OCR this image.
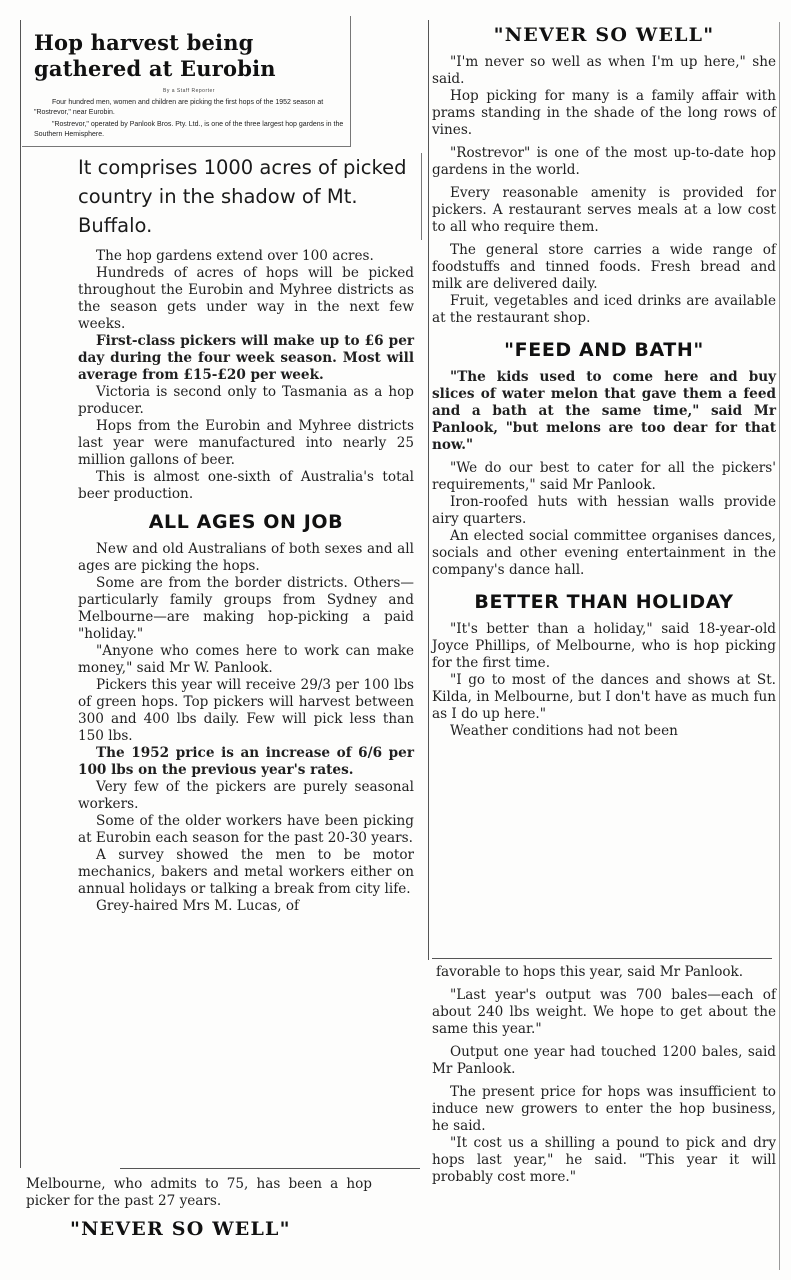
Hop harvest being
gathered at Eurobin

By a Staff Reporter

Four hundred men, women and children are picking the first hops of the 1952 season at "Rostrevor," near Eurobin.

"Rostrevor," operated by Panlook Bros. Pty. Ltd., is one of the three largest hop gardens in the Southern Hemisphere.

It comprises 1000 acres of picked country in the shadow of Mt. Buffalo.

The hop gardens extend over 100 acres.

Hundreds of acres of hops will be picked throughout the Eurobin and Myhree districts as the season gets under way in the next few weeks.

First-class pickers will make up to £6 per day during the four week season. Most will average from £15-£20 per week.

Victoria is second only to Tasmania as a hop producer.

Hops from the Eurobin and Myhree districts last year were manufactured into nearly 25 million gallons of beer.

This is almost one-sixth of Australia's total beer production.

ALL AGES ON JOB

New and old Australians of both sexes and all ages are picking the hops.

Some are from the border districts. Others—particularly family groups from Sydney and Melbourne—are making hop-picking a paid "holiday."

"Anyone who comes here to work can make money," said Mr W. Panlook.

Pickers this year will receive 29/3 per 100 lbs of green hops. Top pickers will harvest between 300 and 400 lbs daily. Few will pick less than 150 lbs.

The 1952 price is an increase of 6/6 per 100 lbs on the previous year's rates.

Very few of the pickers are purely seasonal workers.

Some of the older workers have been picking at Eurobin each season for the past 20-30 years.

A survey showed the men to be motor mechanics, bakers and metal workers either on annual holidays or talking a break from city life.

Grey-haired Mrs M. Lucas, of

Melbourne, who admits to 75, has been a hop picker for the past 27 years.

"NEVER SO WELL"
"NEVER SO WELL"

"I'm never so well as when I'm up here," she said.

Hop picking for many is a family affair with prams standing in the shade of the long rows of vines.

"Rostrevor" is one of the most up-to-date hop gardens in the world.

Every reasonable amenity is provided for pickers. A restaurant serves meals at a low cost to all who require them.

The general store carries a wide range of foodstuffs and tinned foods. Fresh bread and milk are delivered daily.

Fruit, vegetables and iced drinks are available at the restaurant shop.

"FEED AND BATH"

"The kids used to come here and buy slices of water melon that gave them a feed and a bath at the same time," said Mr Panlook, "but melons are too dear for that now."

"We do our best to cater for all the pickers' requirements," said Mr Panlook.

Iron-roofed huts with hessian walls provide airy quarters.

An elected social committee organises dances, socials and other evening entertainment in the company's dance hall.

BETTER THAN HOLIDAY

"It's better than a holiday," said 18-year-old Joyce Phillips, of Melbourne, who is hop picking for the first time.

"I go to most of the dances and shows at St. Kilda, in Melbourne, but I don't have as much fun as I do up here."

Weather conditions had not been

favorable to hops this year, said Mr Panlook.

"Last year's output was 700 bales—each of about 240 lbs weight. We hope to get about the same this year."

Output one year had touched 1200 bales, said Mr Panlook.

The present price for hops was insufficient to induce new growers to enter the hop business, he said.

"It cost us a shilling a pound to pick and dry hops last year," he said. "This year it will probably cost more."
